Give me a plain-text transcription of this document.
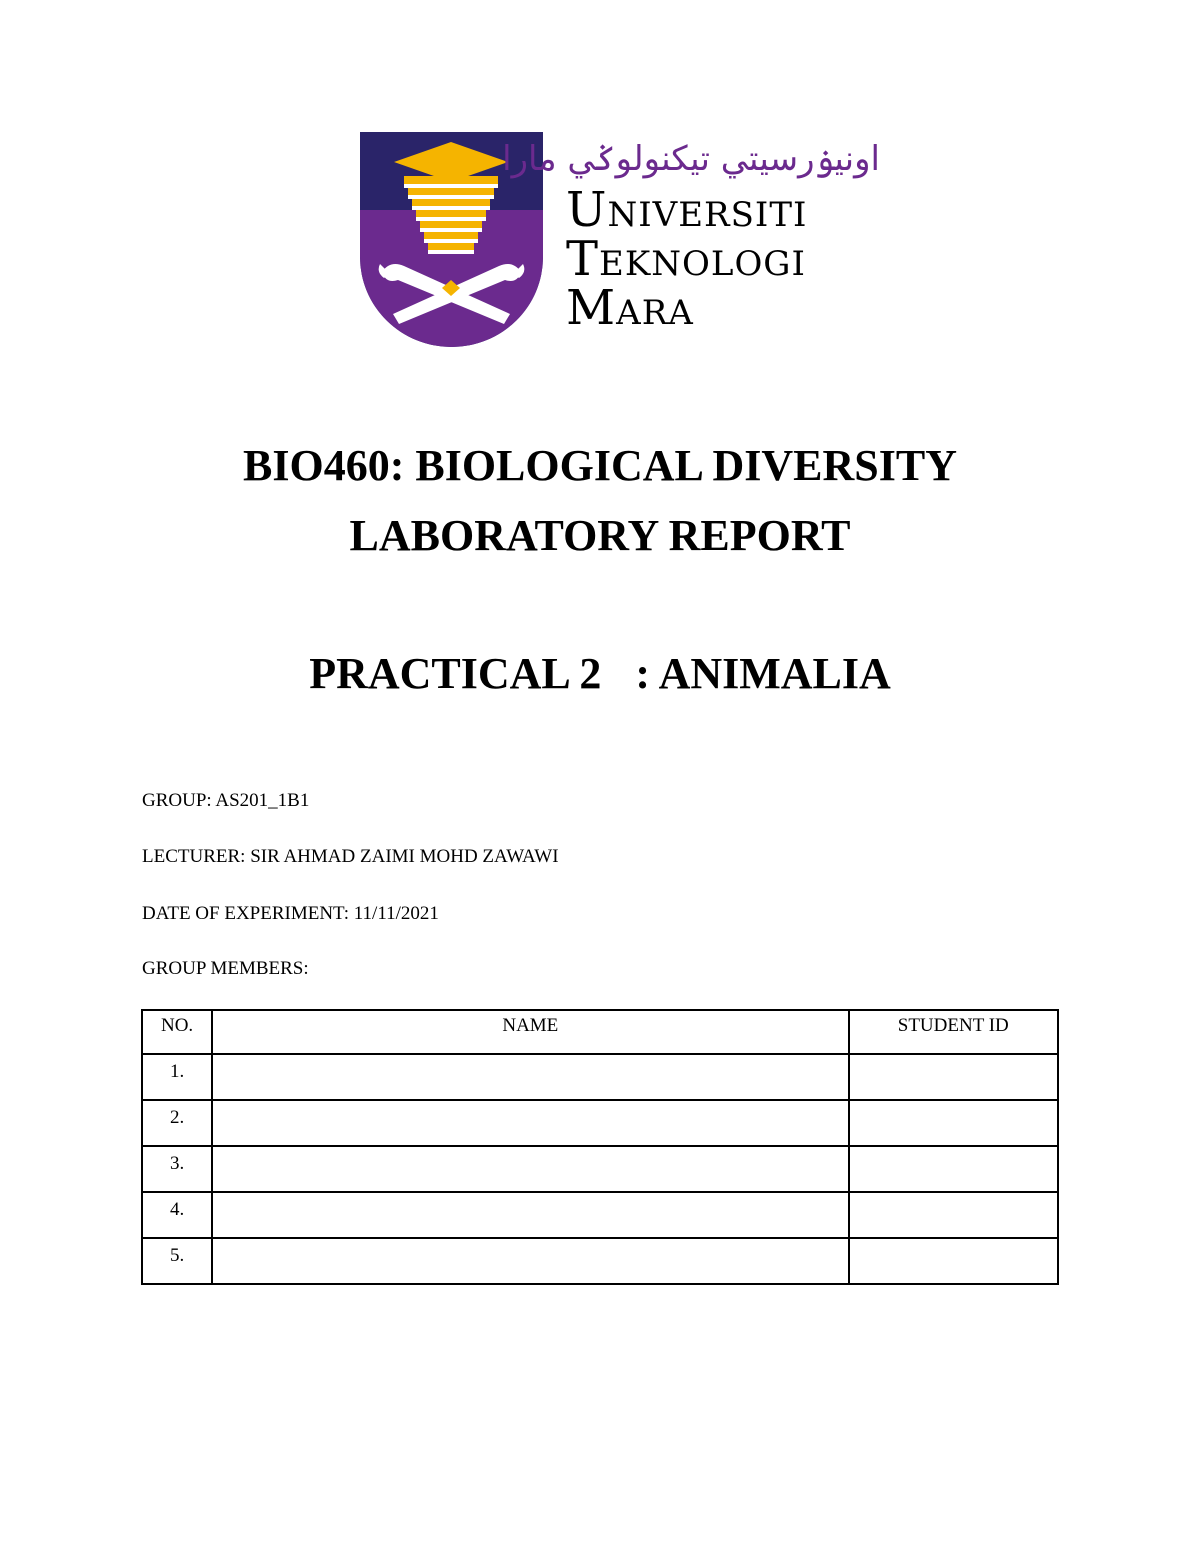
اونيۏرسيتي تيكنولوݢي مارا
Universiti
Teknologi
Mara
BIO460: BIOLOGICAL DIVERSITY
LABORATORY REPORT
PRACTICAL 2 : ANIMALIA
GROUP: AS201_1B1
LECTURER: SIR AHMAD ZAIMI MOHD ZAWAWI
DATE OF EXPERIMENT: 11/11/2021
GROUP MEMBERS:
NO.	NAME	STUDENT ID
1.		
2.		
3.		
4.		
5.		
